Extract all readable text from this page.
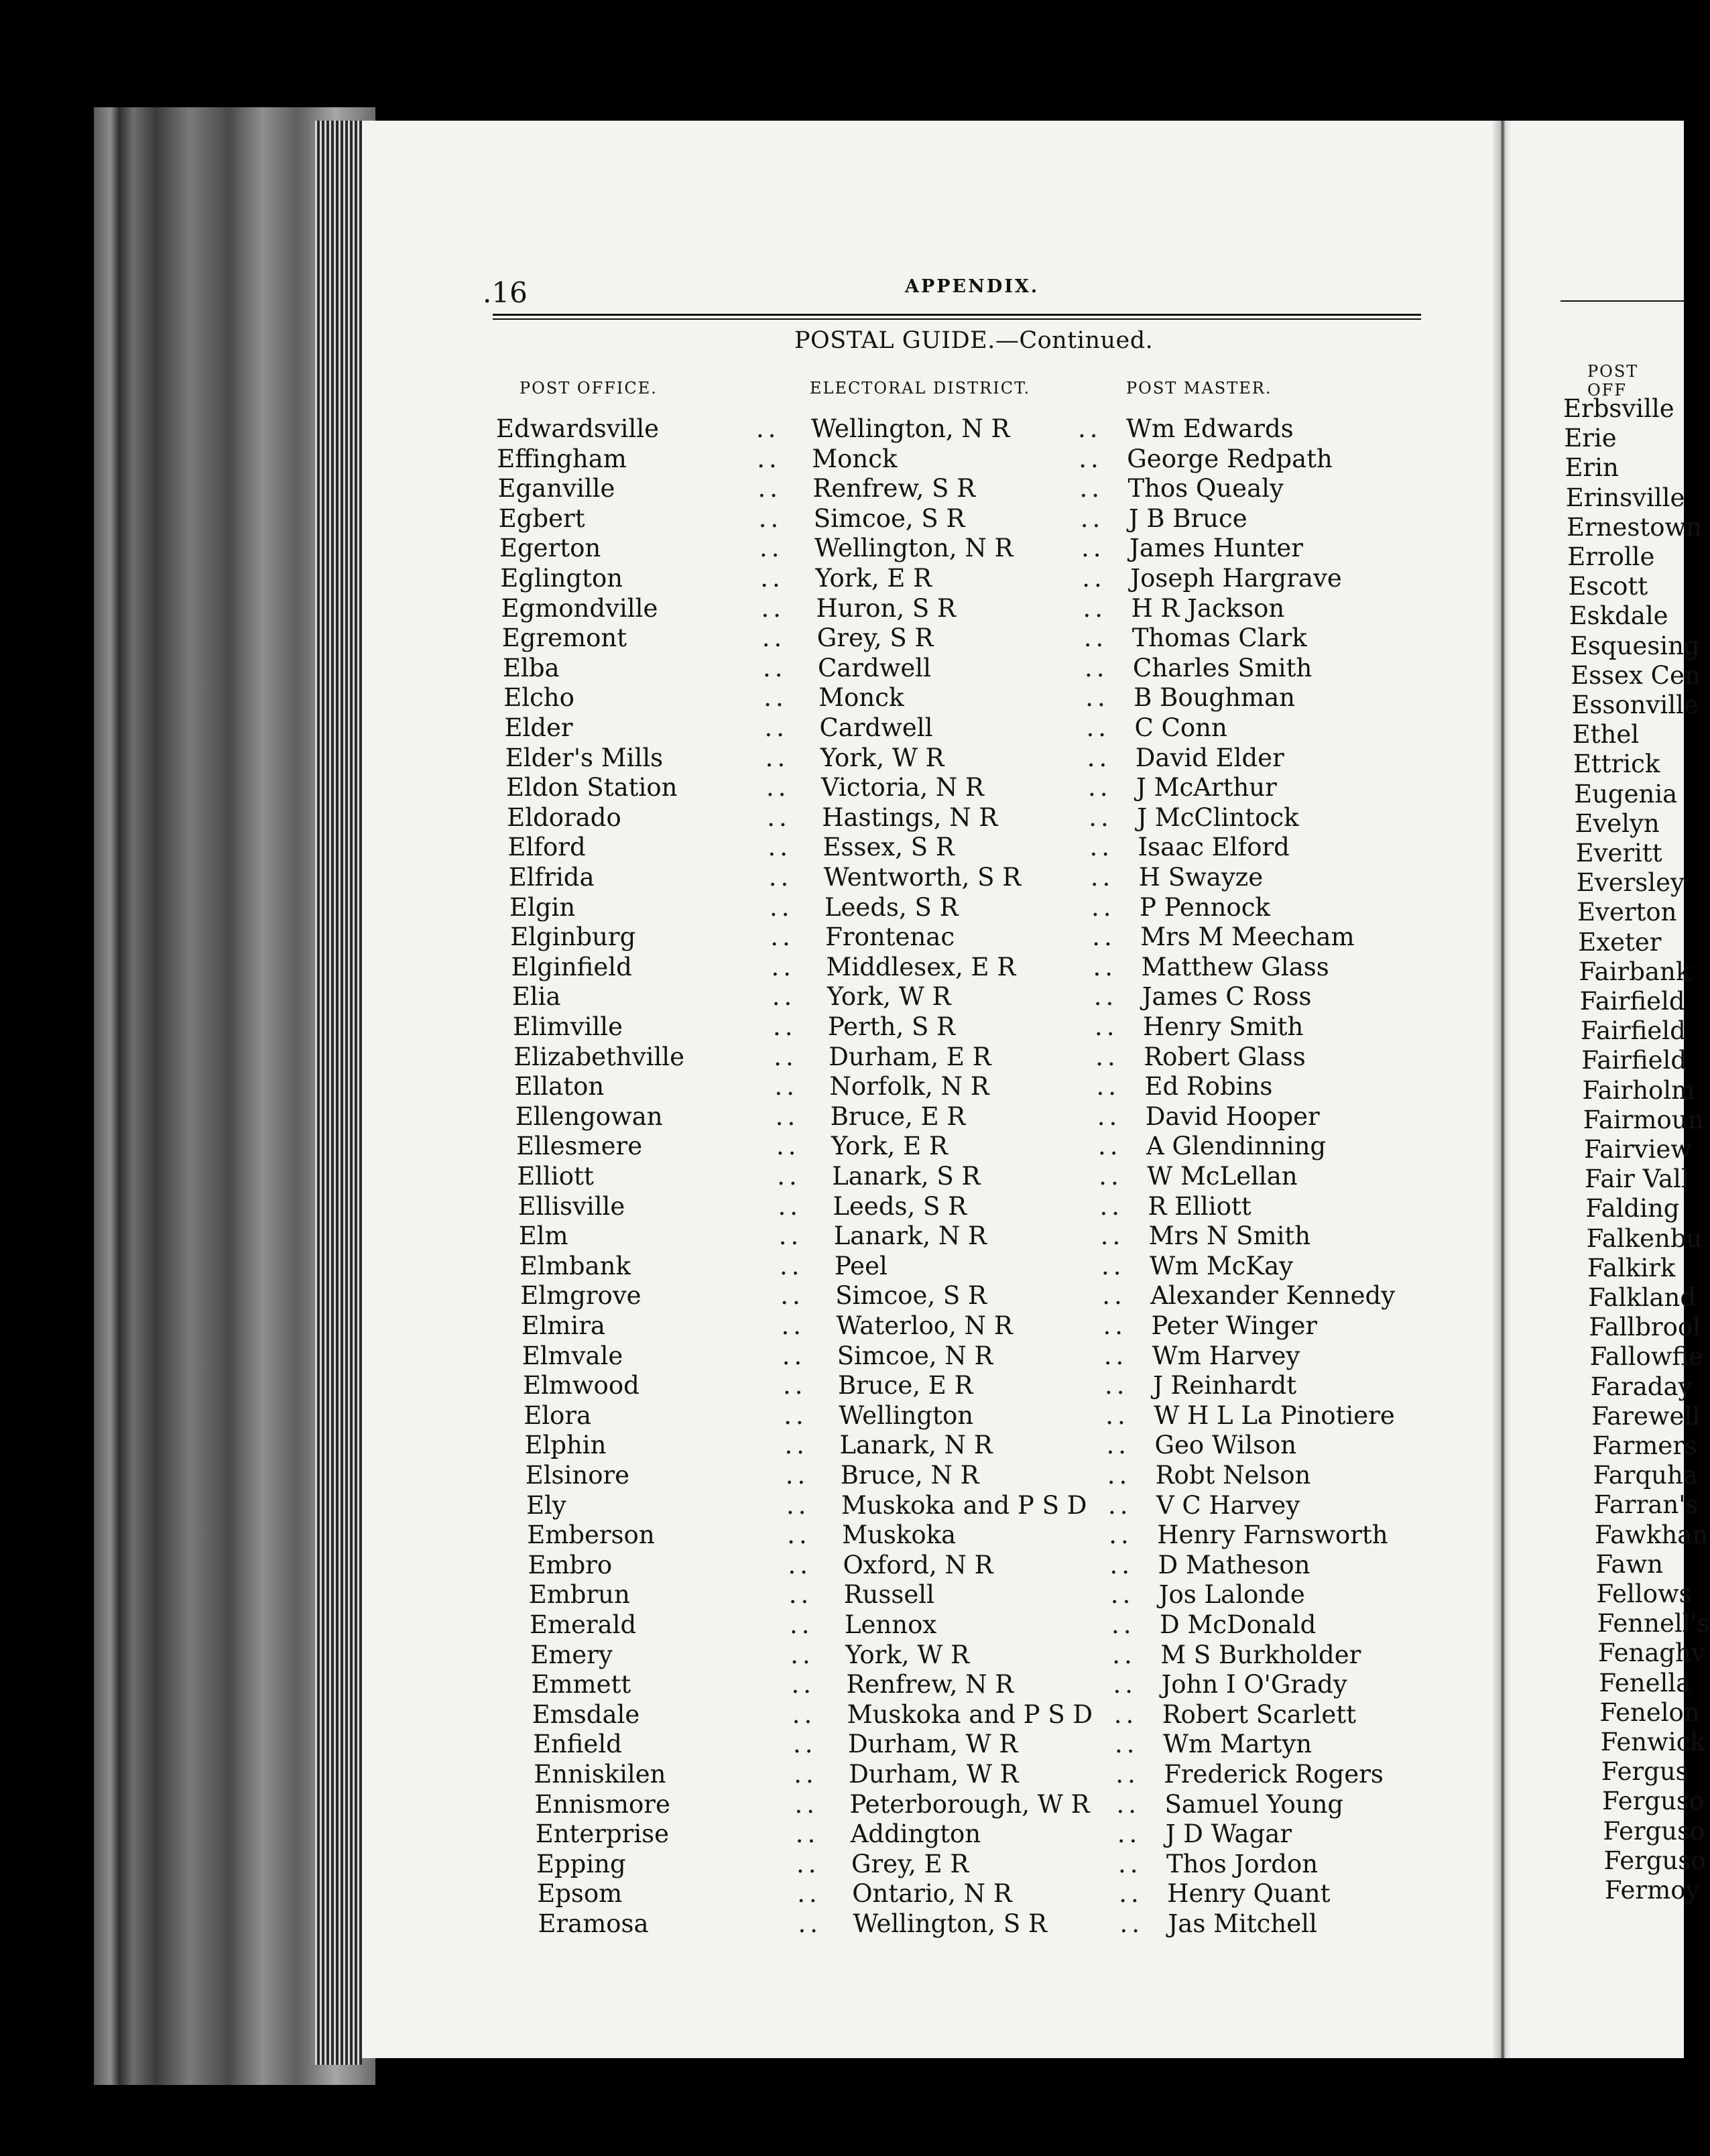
.16	APPENDIX.
POSTAL GUIDE.—Continued.
POST OFFICE.	ELECTORAL DISTRICT.	POST MASTER.
Edwardsville	.. Wellington, N R	.. Wm Edwards
Effingham	.. Monck	.. George Redpath
Eganville	.. Renfrew, S R	.. Thos Quealy
Egbert	.. Simcoe, S R	.. J B Bruce
Egerton	.. Wellington, N R	.. James Hunter
Eglington	.. York, E R	.. Joseph Hargrave
Egmondville	.. Huron, S R	.. H R Jackson
Egremont	.. Grey, S R	.. Thomas Clark
Elba	.. Cardwell	.. Charles Smith
Elcho	.. Monck	.. B Boughman
Elder	.. Cardwell	.. C Conn
Elder's Mills	.. York, W R	.. David Elder
Eldon Station	.. Victoria, N R	.. J McArthur
Eldorado	.. Hastings, N R	.. J McClintock
Elford	.. Essex, S R	.. Isaac Elford
Elfrida	.. Wentworth, S R	.. H Swayze
Elgin	.. Leeds, S R	.. P Pennock
Elginburg	.. Frontenac	.. Mrs M Meecham
Elginfield	.. Middlesex, E R	.. Matthew Glass
Elia	.. York, W R	.. James C Ross
Elimville	.. Perth, S R	.. Henry Smith
Elizabethville	.. Durham, E R	.. Robert Glass
Ellaton	.. Norfolk, N R	.. Ed Robins
Ellengowan	.. Bruce, E R	.. David Hooper
Ellesmere	.. York, E R	.. A Glendinning
Elliott	.. Lanark, S R	.. W McLellan
Ellisville	.. Leeds, S R	.. R Elliott
Elm	.. Lanark, N R	.. Mrs N Smith
Elmbank	.. Peel	.. Wm McKay
Elmgrove	.. Simcoe, S R	.. Alexander Kennedy
Elmira	.. Waterloo, N R	.. Peter Winger
Elmvale	.. Simcoe, N R	.. Wm Harvey
Elmwood	.. Bruce, E R	.. J Reinhardt
Elora	.. Wellington	.. W H L La Pinotiere
Elphin	.. Lanark, N R	.. Geo Wilson
Elsinore	.. Bruce, N R	.. Robt Nelson
Ely	.. Muskoka and P S D .. V C Harvey
Emberson	.. Muskoka	.. Henry Farnsworth
Embro	.. Oxford, N R	.. D Matheson
Embrun	.. Russell	.. Jos Lalonde
Emerald	.. Lennox	.. D McDonald
Emery	.. York, W R	.. M S Burkholder
Emmett	.. Renfrew, N R	.. John I O'Grady
Emsdale	.. Muskoka and P S D .. Robert Scarlett
Enfield	.. Durham, W R	.. Wm Martyn
Enniskilen	.. Durham, W R	.. Frederick Rogers
Ennismore	.. Peterborough, W R .. Samuel Young
Enterprise	.. Addington	.. J D Wagar
Epping	.. Grey, E R	.. Thos Jordon
Epsom	.. Ontario, N R	.. Henry Quant
Eramosa	.. Wellington, S R	.. Jas Mitchell
POST OFF
Erbsville
Erie
Erin
Erinsville
Ernestown
Errolle
Escott
Eskdale
Esquesing
Essex Cen
Essonville
Ethel
Ettrick
Eugenia
Evelyn
Everitt
Eversley
Everton
Exeter
Fairbank
Fairfield
Fairfield
Fairfield
Fairholm
Fairmoun
Fairview
Fair Vall
Falding
Falkenbu
Falkirk
Falkland
Fallbrool
Fallowfie
Faraday
Farewell
Farmers
Farquha
Farran's
Fawkhan
Fawn
Fellows
Fennell's
Fenaghv
Fenella
Fenelon
Fenwick
Fergus
Ferguso
Ferguso
Ferguso
Fermoy
